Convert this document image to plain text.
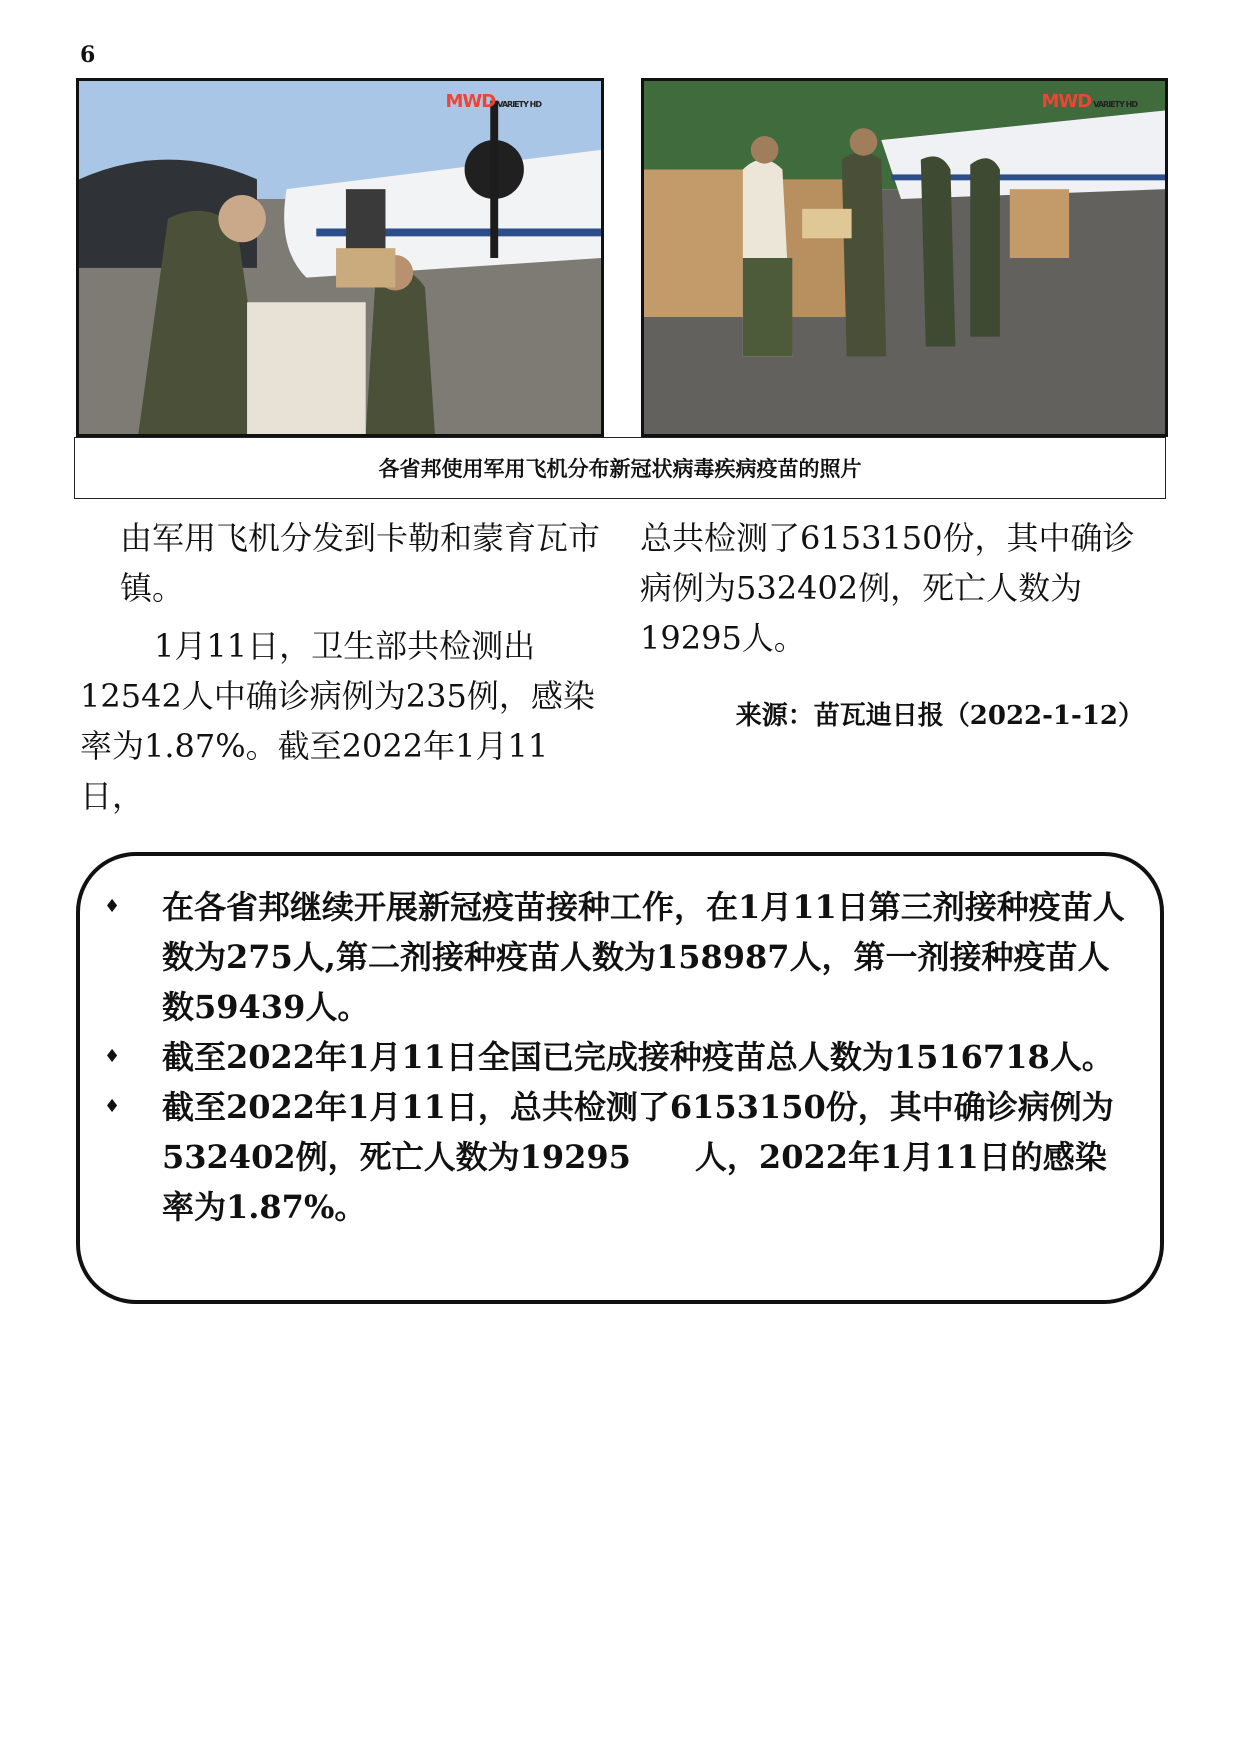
6
MWD VARIETY HD	MWD VARIETY HD
各省邦使用军用飞机分布新冠状病毒疾病疫苗的照片

由军用飞机分发到卡勒和蒙育瓦市镇。

1月11日，卫生部共检测出12542人中确诊病例为235例，感染率为1.87%。截至2022年1月11日，

总共检测了6153150份，其中确诊病例为532402例，死亡人数为19295人。

来源：苗瓦迪日报（2022-1-12）

♦ 在各省邦继续开展新冠疫苗接种工作，在1月11日第三剂接种疫苗人数为275人,第二剂接种疫苗人数为158987人，第一剂接种疫苗人数59439人。
♦ 截至2022年1月11日全国已完成接种疫苗总人数为1516718人。
♦ 截至2022年1月11日，总共检测了6153150份，其中确诊病例为532402例，死亡人数为19295　　人，2022年1月11日的感染率为1.87%。
